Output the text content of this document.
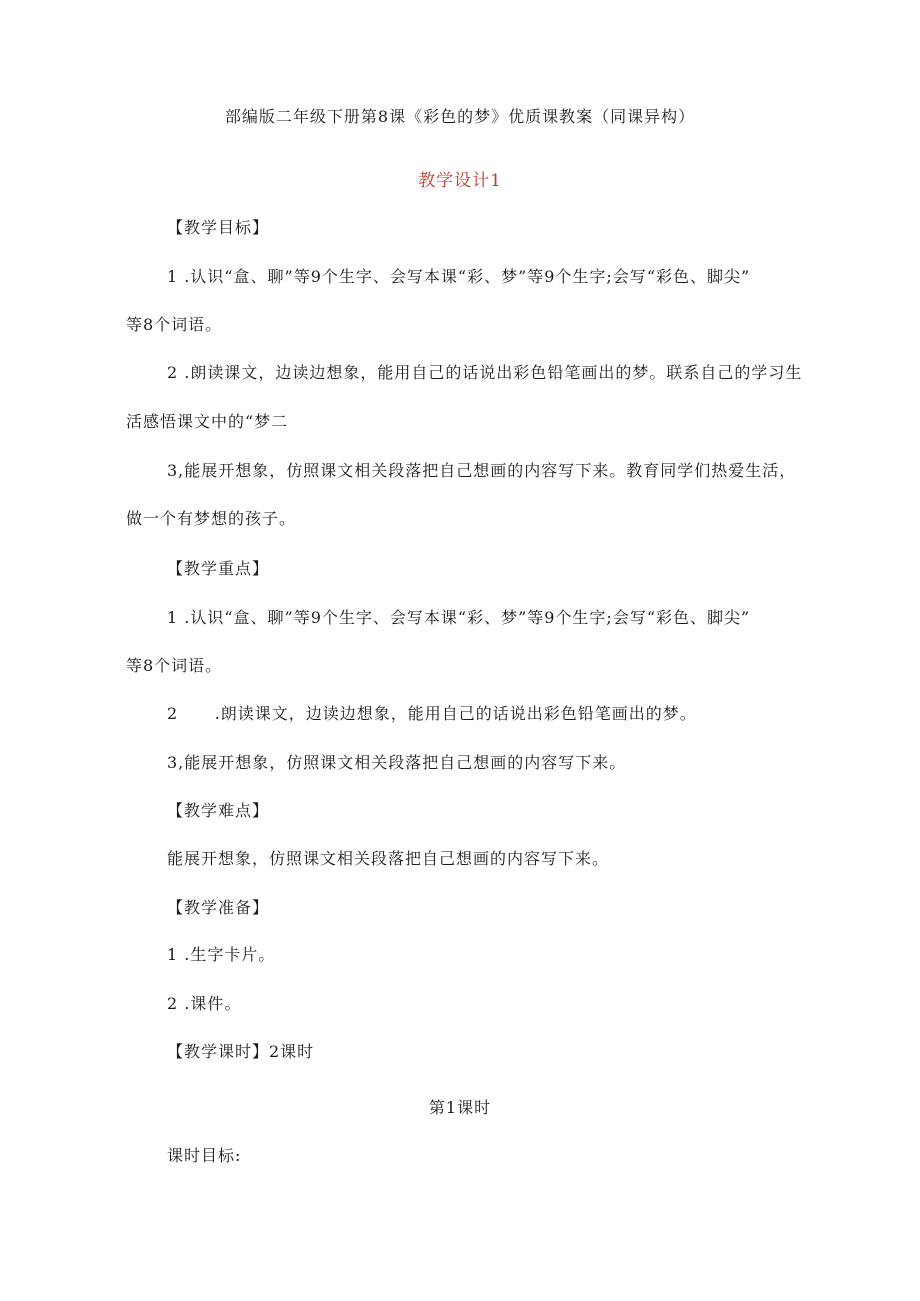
部编版二年级下册第8课《彩色的梦》优质课教案（同课异构）
教学设计1
【教学目标】
1 .认识“盒、聊”等9个生字、会写本课“彩、梦”等9个生字;会写“彩色、脚尖”
等8个词语。
2 .朗读课文，边读边想象，能用自己的话说出彩色铅笔画出的梦。联系自己的学习生
活感悟课文中的“梦二
3,能展开想象，仿照课文相关段落把自己想画的内容写下来。教育同学们热爱生活，
做一个有梦想的孩子。
【教学重点】
1 .认识“盒、聊”等9个生字、会写本课“彩、梦”等9个生字;会写“彩色、脚尖”
等8个词语。
2      .朗读课文，边读边想象，能用自己的话说出彩色铅笔画出的梦。
3,能展开想象，仿照课文相关段落把自己想画的内容写下来。
【教学难点】
能展开想象，仿照课文相关段落把自己想画的内容写下来。
【教学准备】
1 .生字卡片。
2 .课件。
【教学课时】2课时
第1课时
课时目标:
